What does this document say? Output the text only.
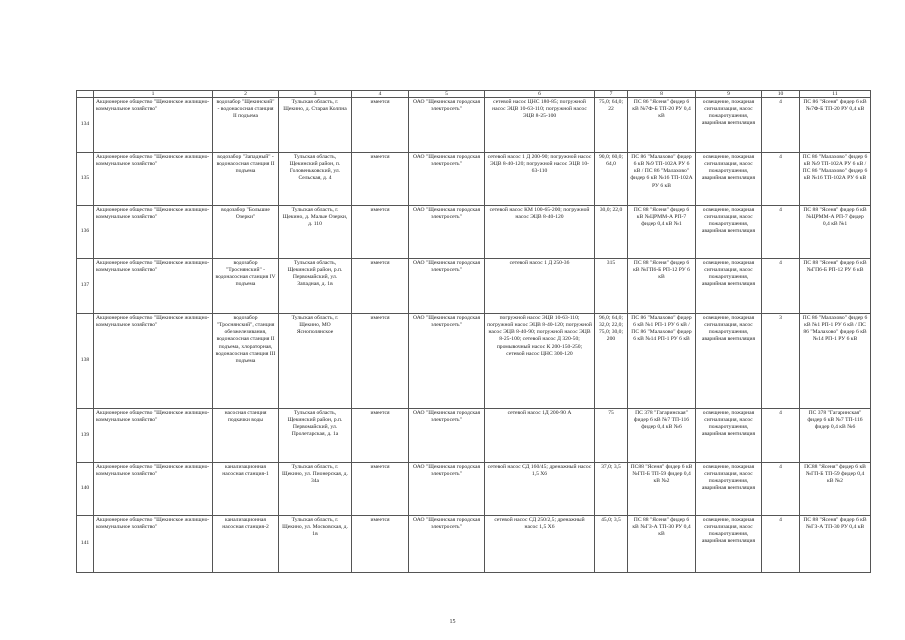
	1	2	3	4	5	6	7	8	9	10	11
134	Акционерное общество "Щекинское жилищно-коммунальное хозяйство"	водозабор "Щекинский" - водонасосная станция II подъема	Тульская область, г. Щекино, д. Старая Колпна	имеется	ОАО "Щекинская городская электросеть"	сетевой насос ЦНС 180-85; погружной насос ЭЦВ 10-63-110; погружной насос ЭЦВ 8-25-100	75,0; 64,0; 22	ПС 86 "Ясеня" фидер 6 кВ №7Ф-Б ТП-20 РУ 0,4 кВ	освещение, пожарная сигнализация, насос пожаротушения, аварийная вентиляция	4	ПС 86 "Ясеня" фидер 6 кВ №7Ф-Б ТП-20 РУ 0,4 кВ
135	Акционерное общество "Щекинское жилищно-коммунальное хозяйство"	водозабор "Западный" - водонасосная станция II подъема	Тульская область, Щекинский район, п. Головеньковский, ул. Сельская, д. 4	имеется	ОАО "Щекинская городская электросеть"	сетевой насос 1 Д 200-90; погружной насос ЭЦВ 8-40-120; погружной насос ЭЦВ 10-63-110	90,0; 60,0; 64,0	ПС 86 "Малахово" фидер 6 кВ №9 ТП-102А РУ 6 кВ / ПС 86 "Малахово" фидер 6 кВ №16 ТП-102А РУ 6 кВ	освещение, пожарная сигнализация, насос пожаротушения, аварийная вентиляция	4	ПС 86 "Малахово" фидер 6 кВ №9 ТП-102А РУ 6 кВ / ПС 86 "Малахово" фидер 6 кВ №16 ТП-102А РУ 6 кВ
136	Акционерное общество "Щекинское жилищно-коммунальное хозяйство"	водозабор "Большие Озерки"	Тульская область, г. Щекино, д. Малые Озерки, д. 110	имеется	ОАО "Щекинская городская электросеть"	сетевой насос КМ 100-65-200; погружной насос ЭЦВ 8-40-120	30,0; 22,0	ПС 88 "Ясеня" фидер 6 кВ №ЦРММ-А РП-7 фидер 0,4 кВ №1	освещение, пожарная сигнализация, насос пожаротушения, аварийная вентиляция	4	ПС 88 "Ясеня" фидер 6 кВ №ЦРММ-А РП-7 фидер 0,4 кВ №1
137	Акционерное общество "Щекинское жилищно-коммунальное хозяйство"	водозабор "Троснянский" - водонасосная станция IV подъема	Тульская область, Щекинский район, р.п. Первомайский, ул. Западная, д. 1в	имеется	ОАО "Щекинская городская электросеть"	сетевой насос 1 Д 250-36	315	ПС 88 "Ясеня" фидер 6 кВ №ГП6-Б РП-12 РУ 6 кВ	освещение, пожарная сигнализация, насос пожаротушения, аварийная вентиляция	4	ПС 88 "Ясеня" фидер 6 кВ №ГП6-Б РП-12 РУ 6 кВ
138	Акционерное общество "Щекинское жилищно-коммунальное хозяйство"	водозабор "Троснянский", станция обезжелезивания, водонасосная станция II подъема, хлораторная, водонасосная станция III подъема	Тульская область, г. Щекино, МО Яснополянское	имеется	ОАО "Щекинская городская электросеть"	погружной насос ЭЦВ 10-63-110; погружной насос ЭЦВ 8-40-120; погружной насос ЭЦВ 8-40-90; погружной насос ЭЦВ 8-25-100; сетевой насос Д 320-50; промывочный насос К 200-150-250; сетевой насос ЦНС 300-120	96,0; 64,0; 32,0; 22,0; 75,0; 30,0; 200	ПС 86 "Малахово" фидер 6 кВ №1 РП-1 РУ 6 кВ / ПС 86 "Малахово" фидер 6 кВ №14 РП-1 РУ 6 кВ	освещение, пожарная сигнализация, насос пожаротушения, аварийная вентиляция	3	ПС 86 "Малахово" фидер 6 кВ №1 РП-1 РУ 6 кВ / ПС 86 "Малахово" фидер 6 кВ №14 РП-1 РУ 6 кВ
139	Акционерное общество "Щекинское жилищно-коммунальное хозяйство"	насосная станция подкачки воды	Тульская область, Щекинский район, р.п. Первомайский, ул. Пролетарская, д. 1а	имеется	ОАО "Щекинская городская электросеть"	сетевой насос 1Д 200-90 А	75	ПС 378 "Гагаринская" фидер 6 кВ №7 ТП-116 фидер 0,4 кВ №6	освещение, пожарная сигнализация, насос пожаротушения, аварийная вентиляция	4	ПС 378 "Гагаринская" фидер 6 кВ №7 ТП-116 фидер 0,4 кВ №6
140	Акционерное общество "Щекинское жилищно-коммунальное хозяйство"	канализационная насосная станция-1	Тульская область, г. Щекино, ул. Пионерская, д. 34а	имеется	ОАО "Щекинская городская электросеть"	сетевой насос СД 160/45; дренажный насос 1,5 Х6	37,0; 3,5	ПС88 "Ясеня" фидер 6 кВ №ГП-Б ТП-59 фидер 0,4 кВ №2	освещение, пожарная сигнализация, насос пожаротушения, аварийная вентиляция	4	ПС88 "Ясеня" фидер 6 кВ №ГП-Б ТП-59 фидер 0,4 кВ №2
141	Акционерное общество "Щекинское жилищно-коммунальное хозяйство"	канализационная насосная станция-2	Тульская область, г. Щекино, ул. Московская, д. 1в	имеется	ОАО "Щекинская городская электросеть"	сетевой насос СД 250/2,5; дренажный насос 1,5 Х6	45,0; 3,5	ПС 88 "Ясеня" фидер 6 кВ №ГЗ-А ТП-30 РУ 0,4 кВ	освещение, пожарная сигнализация, насос пожаротушения, аварийная вентиляция	4	ПС 88 "Ясеня" фидер 6 кВ №ГЗ-А ТП-30 РУ 0,4 кВ
15
